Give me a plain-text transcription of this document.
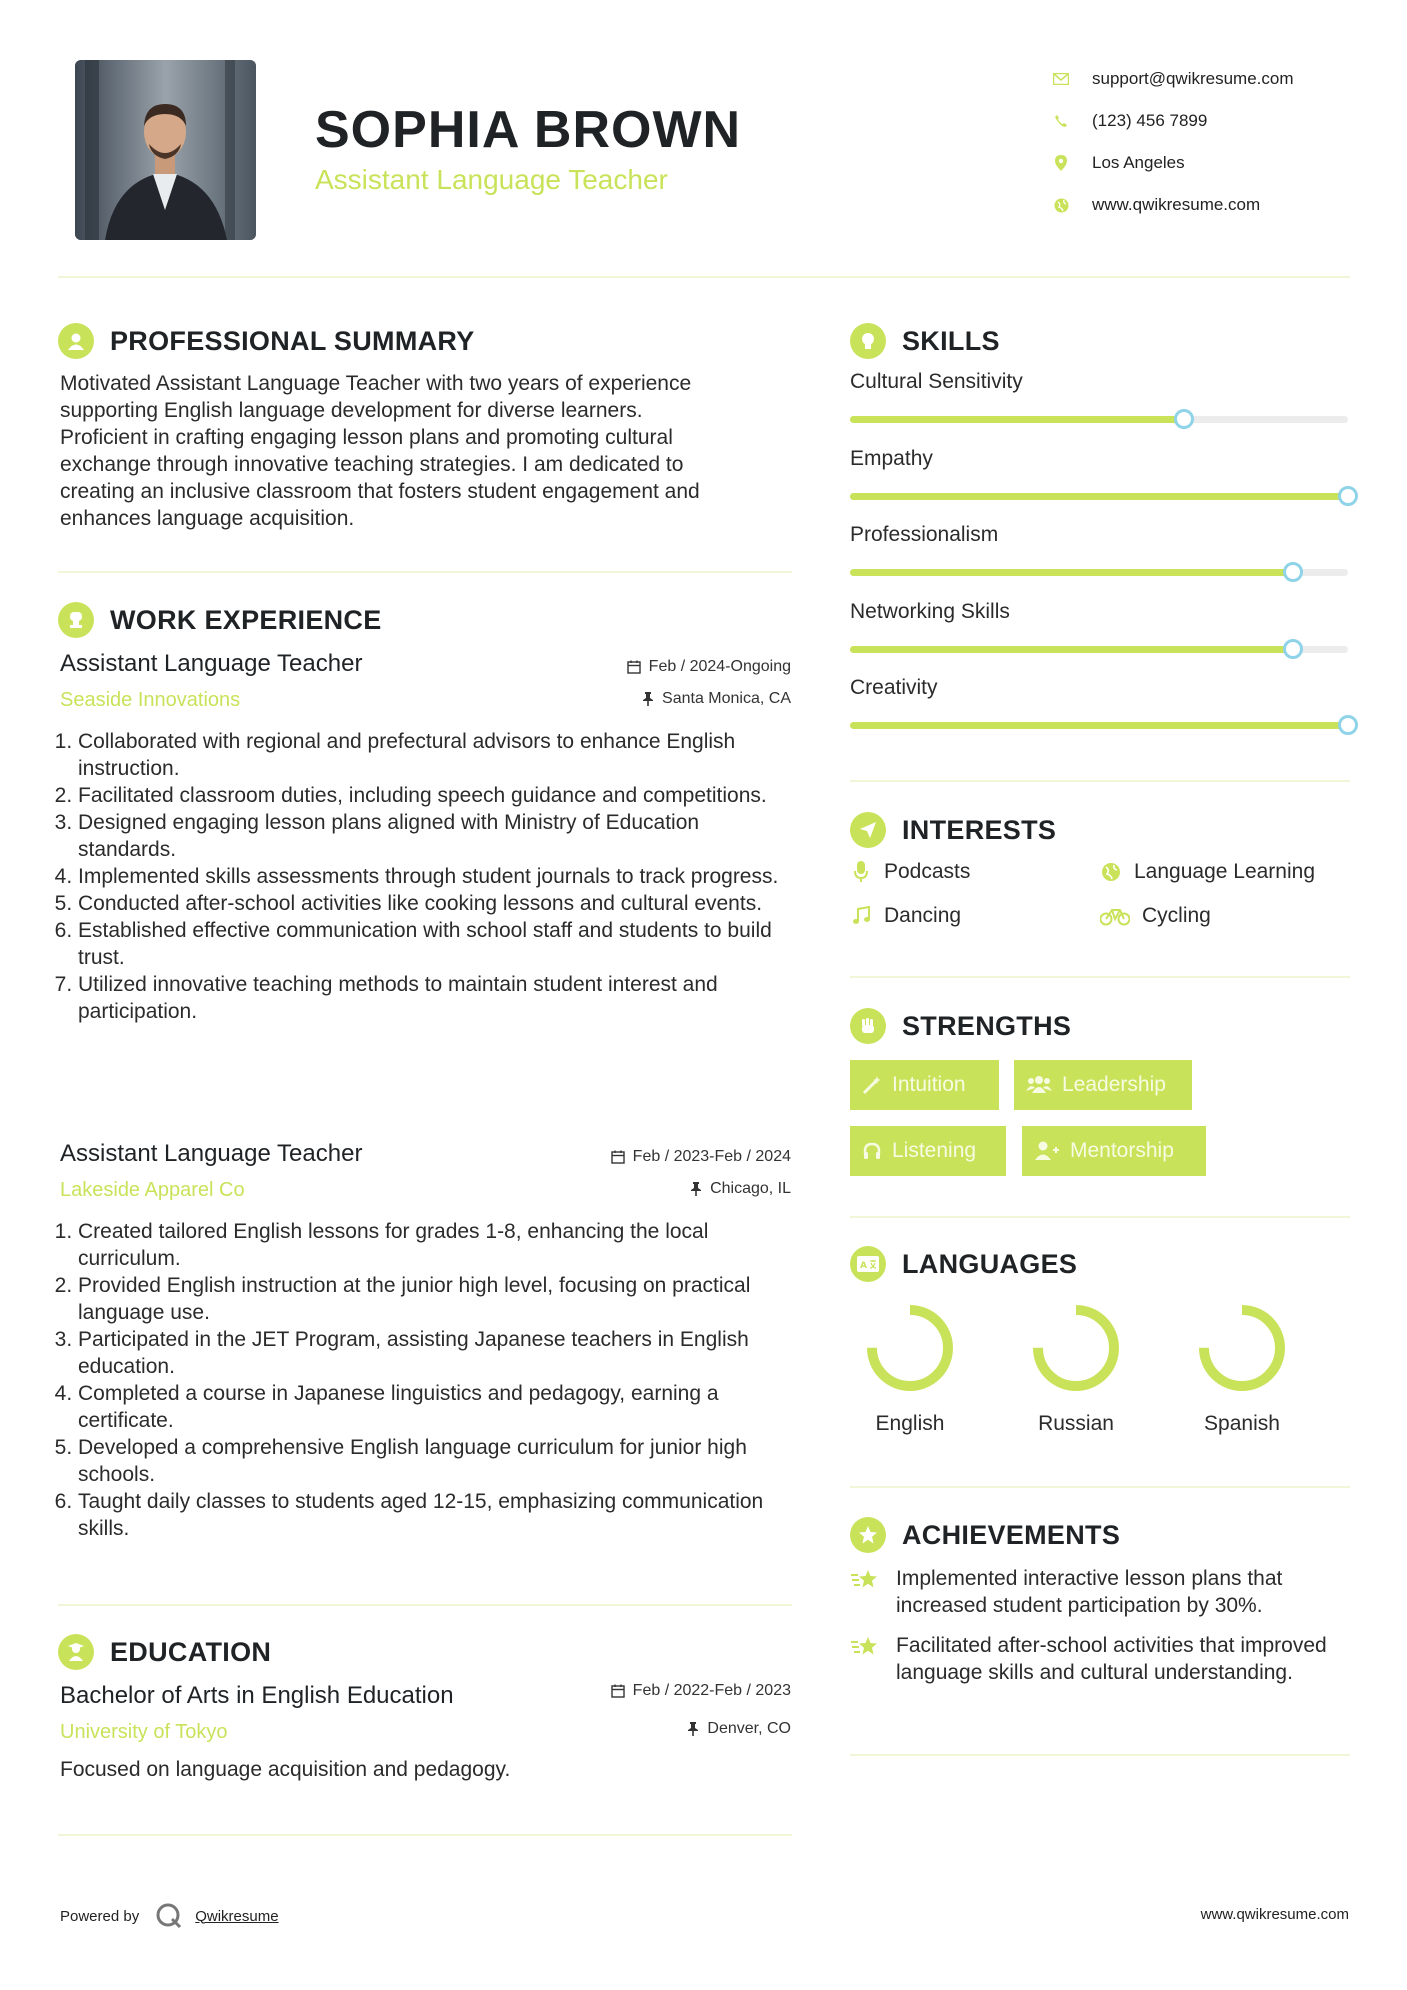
SOPHIA BROWN
Assistant Language Teacher
support@qwikresume.com
(123) 456 7899
Los Angeles
www.qwikresume.com
PROFESSIONAL SUMMARY
Motivated Assistant Language Teacher with two years of experience
supporting English language development for diverse learners.
Proficient in crafting engaging lesson plans and promoting cultural
exchange through innovative teaching strategies. I am dedicated to
creating an inclusive classroom that fosters student engagement and
enhances language acquisition.
WORK EXPERIENCE
Assistant Language Teacher
Seaside Innovations
Feb / 2024-Ongoing
Santa Monica, CA
1. Collaborated with regional and prefectural advisors to enhance English instruction.
2. Facilitated classroom duties, including speech guidance and competitions.
3. Designed engaging lesson plans aligned with Ministry of Education standards.
4. Implemented skills assessments through student journals to track progress.
5. Conducted after-school activities like cooking lessons and cultural events.
6. Established effective communication with school staff and students to build trust.
7. Utilized innovative teaching methods to maintain student interest and participation.
Assistant Language Teacher
Lakeside Apparel Co
Feb / 2023-Feb / 2024
Chicago, IL
1. Created tailored English lessons for grades 1-8, enhancing the local curriculum.
2. Provided English instruction at the junior high level, focusing on practical language use.
3. Participated in the JET Program, assisting Japanese teachers in English education.
4. Completed a course in Japanese linguistics and pedagogy, earning a certificate.
5. Developed a comprehensive English language curriculum for junior high schools.
6. Taught daily classes to students aged 12-15, emphasizing communication skills.
EDUCATION
Bachelor of Arts in English Education
University of Tokyo
Feb / 2022-Feb / 2023
Denver, CO
Focused on language acquisition and pedagogy.
SKILLS
Cultural Sensitivity
Empathy
Professionalism
Networking Skills
Creativity
INTERESTS
Podcasts	Language Learning
Dancing	Cycling
STRENGTHS
Intuition	Leadership
Listening	Mentorship
A LANGUAGES
English	Russian	Spanish
ACHIEVEMENTS
Implemented interactive lesson plans that increased student participation by 30%.
Facilitated after-school activities that improved language skills and cultural understanding.
Powered by	Qwikresume	www.qwikresume.com
